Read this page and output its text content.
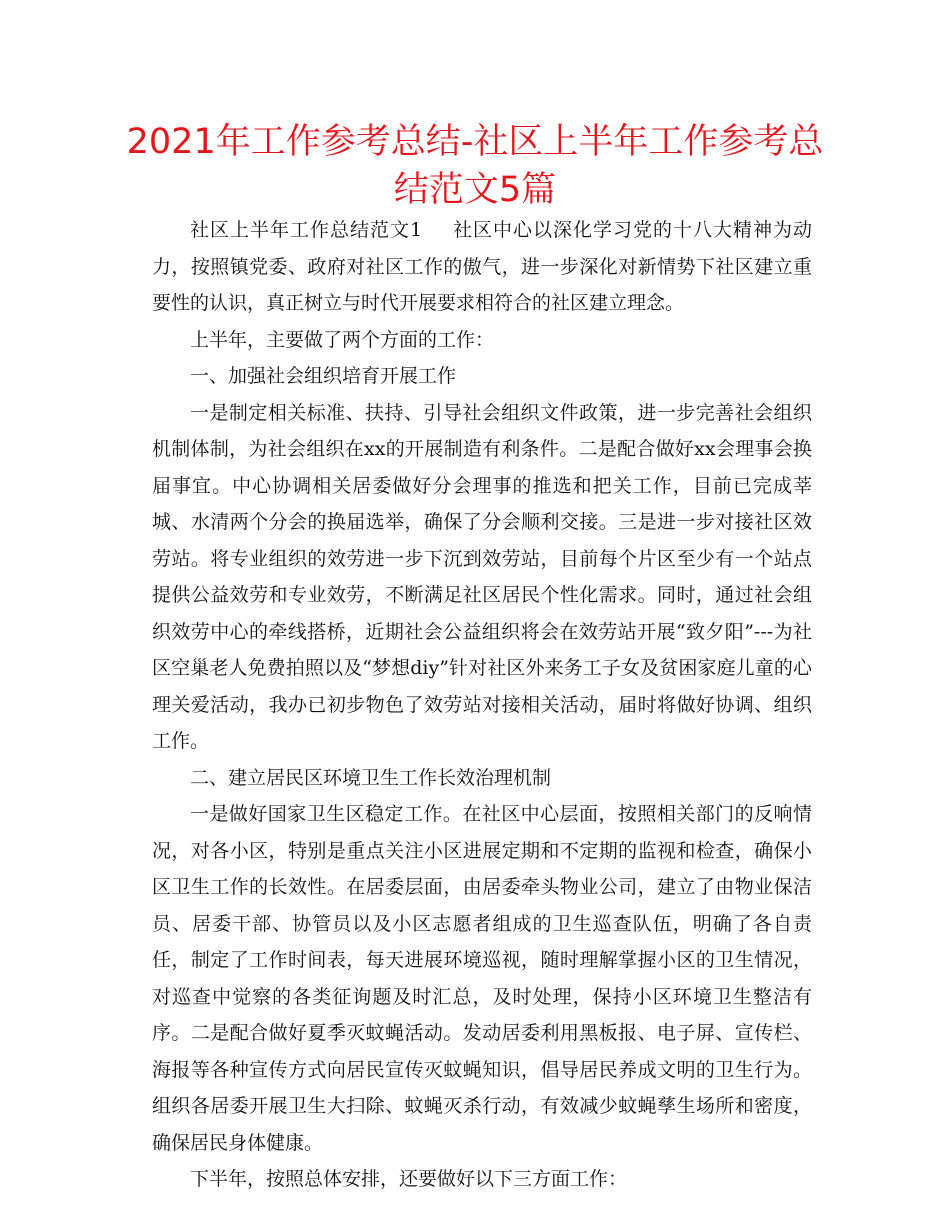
2021年工作参考总结-社区上半年工作参考总结范文5篇

社区上半年工作总结范文1 社区中心以深化学习党的十八大精神为动力，按照镇党委、政府对社区工作的傲气，进一步深化对新情势下社区建立重要性的认识，真正树立与时代开展要求相符合的社区建立理念。

上半年，主要做了两个方面的工作：

一、加强社会组织培育开展工作

一是制定相关标准、扶持、引导社会组织文件政策，进一步完善社会组织机制体制，为社会组织在xx的开展制造有利条件。二是配合做好xx会理事会换届事宜。中心协调相关居委做好分会理事的推选和把关工作，目前已完成莘城、水清两个分会的换届选举，确保了分会顺利交接。三是进一步对接社区效劳站。将专业组织的效劳进一步下沉到效劳站，目前每个片区至少有一个站点提供公益效劳和专业效劳，不断满足社区居民个性化需求。同时，通过社会组织效劳中心的牵线搭桥，近期社会公益组织将会在效劳站开展“致夕阳”---为社区空巢老人免费拍照以及“梦想diy”针对社区外来务工子女及贫困家庭儿童的心理关爱活动，我办已初步物色了效劳站对接相关活动，届时将做好协调、组织工作。

二、建立居民区环境卫生工作长效治理机制

一是做好国家卫生区稳定工作。在社区中心层面，按照相关部门的反响情况，对各小区，特别是重点关注小区进展定期和不定期的监视和检查，确保小区卫生工作的长效性。在居委层面，由居委牵头物业公司，建立了由物业保洁员、居委干部、协管员以及小区志愿者组成的卫生巡查队伍，明确了各自责任，制定了工作时间表，每天进展环境巡视，随时理解掌握小区的卫生情况，对巡查中觉察的各类征询题及时汇总，及时处理，保持小区环境卫生整洁有序。二是配合做好夏季灭蚊蝇活动。发动居委利用黑板报、电子屏、宣传栏、海报等各种宣传方式向居民宣传灭蚊蝇知识，倡导居民养成文明的卫生行为。组织各居委开展卫生大扫除、蚊蝇灭杀行动，有效减少蚊蝇孳生场所和密度，确保居民身体健康。

下半年，按照总体安排，还要做好以下三方面工作：
